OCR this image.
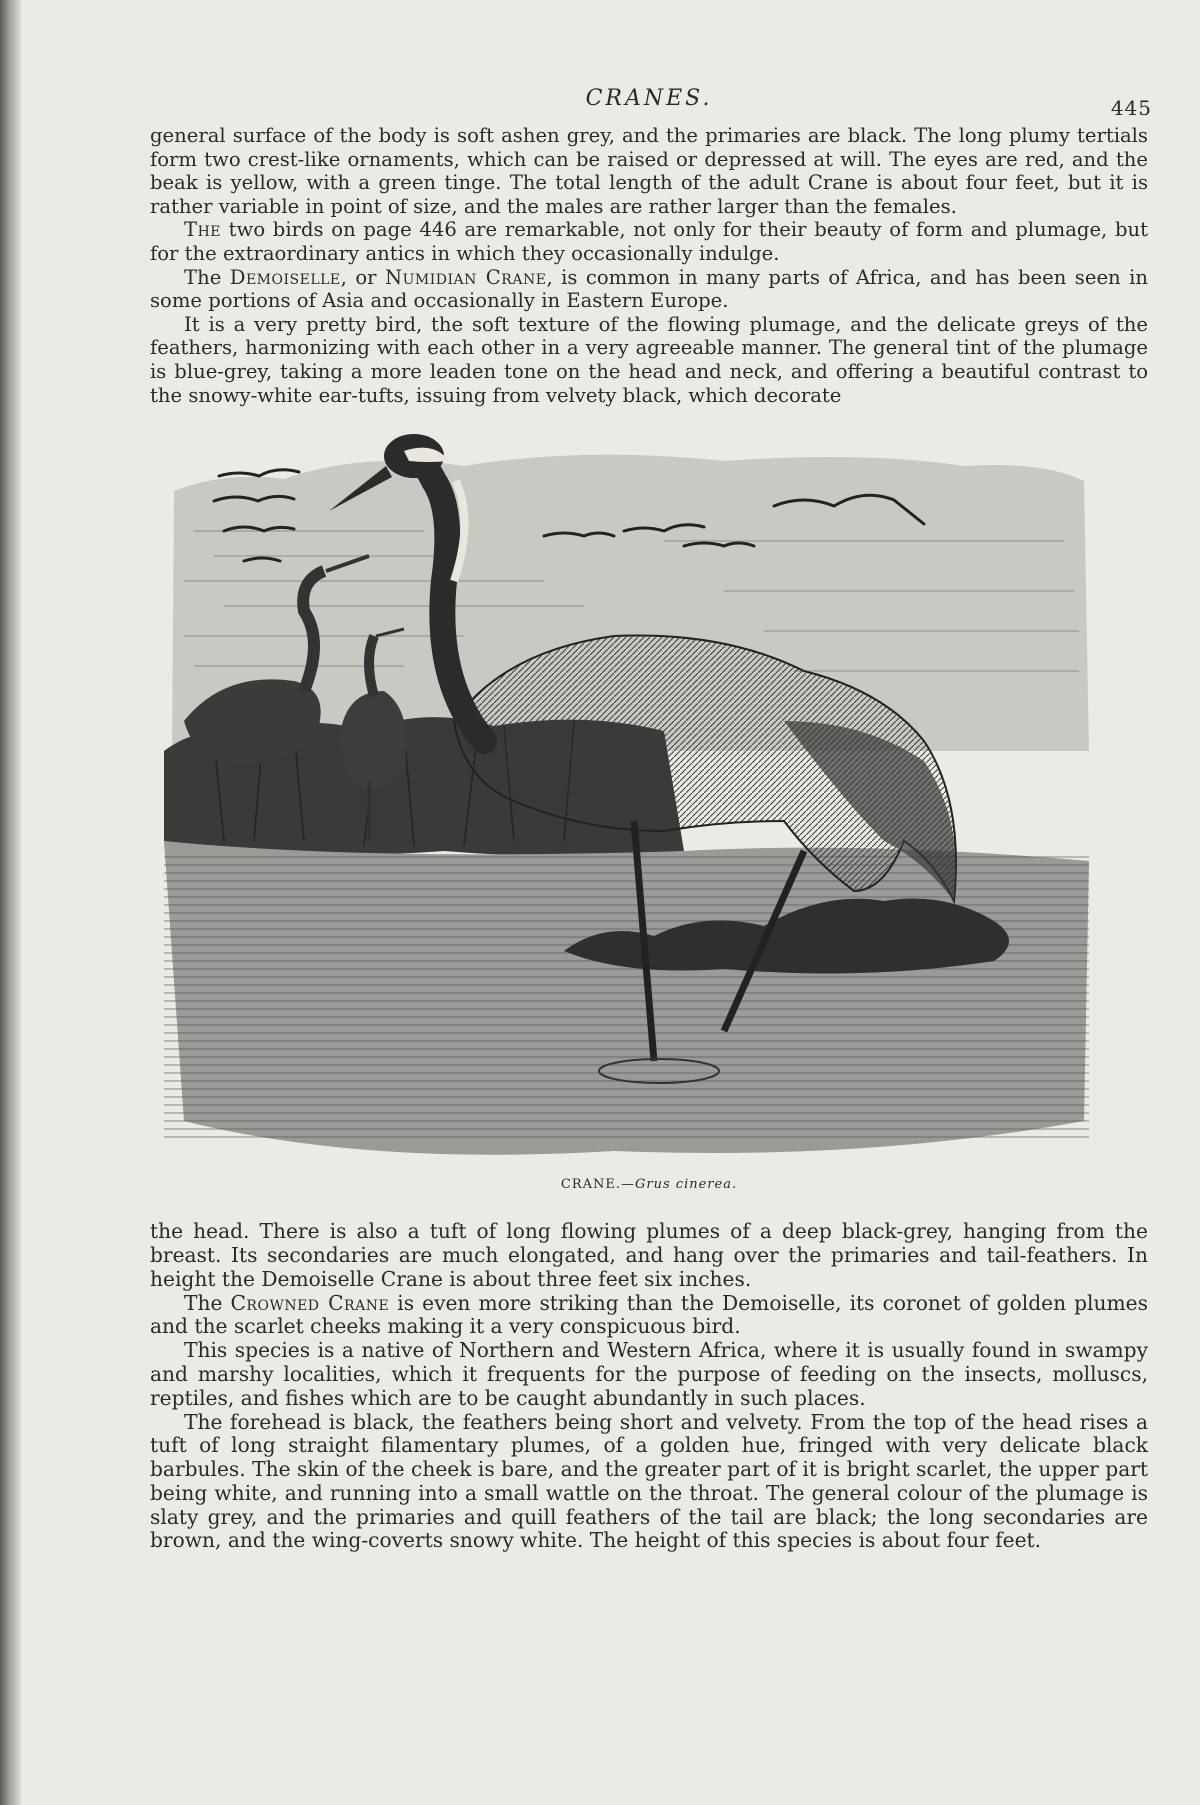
CRANES.	445

general surface of the body is soft ashen grey, and the primaries are black. The long plumy tertials form two crest-like ornaments, which can be raised or depressed at will. The eyes are red, and the beak is yellow, with a green tinge. The total length of the adult Crane is about four feet, but it is rather variable in point of size, and the males are rather larger than the females.

The two birds on page 446 are remarkable, not only for their beauty of form and plumage, but for the extraordinary antics in which they occasionally indulge.

The Demoiselle, or Numidian Crane, is common in many parts of Africa, and has been seen in some portions of Asia and occasionally in Eastern Europe.

It is a very pretty bird, the soft texture of the flowing plumage, and the delicate greys of the feathers, harmonizing with each other in a very agreeable manner. The general tint of the plumage is blue-grey, taking a more leaden tone on the head and neck, and offering a beautiful contrast to the snowy-white ear-tufts, issuing from velvety black, which decorate

CRANE.—Grus cinerea.

the head. There is also a tuft of long flowing plumes of a deep black-grey, hanging from the breast. Its secondaries are much elongated, and hang over the primaries and tail-feathers. In height the Demoiselle Crane is about three feet six inches.

The Crowned Crane is even more striking than the Demoiselle, its coronet of golden plumes and the scarlet cheeks making it a very conspicuous bird.

This species is a native of Northern and Western Africa, where it is usually found in swampy and marshy localities, which it frequents for the purpose of feeding on the insects, molluscs, reptiles, and fishes which are to be caught abundantly in such places.

The forehead is black, the feathers being short and velvety. From the top of the head rises a tuft of long straight filamentary plumes, of a golden hue, fringed with very delicate black barbules. The skin of the cheek is bare, and the greater part of it is bright scarlet, the upper part being white, and running into a small wattle on the throat. The general colour of the plumage is slaty grey, and the primaries and quill feathers of the tail are black; the long secondaries are brown, and the wing-coverts snowy white. The height of this species is about four feet.
